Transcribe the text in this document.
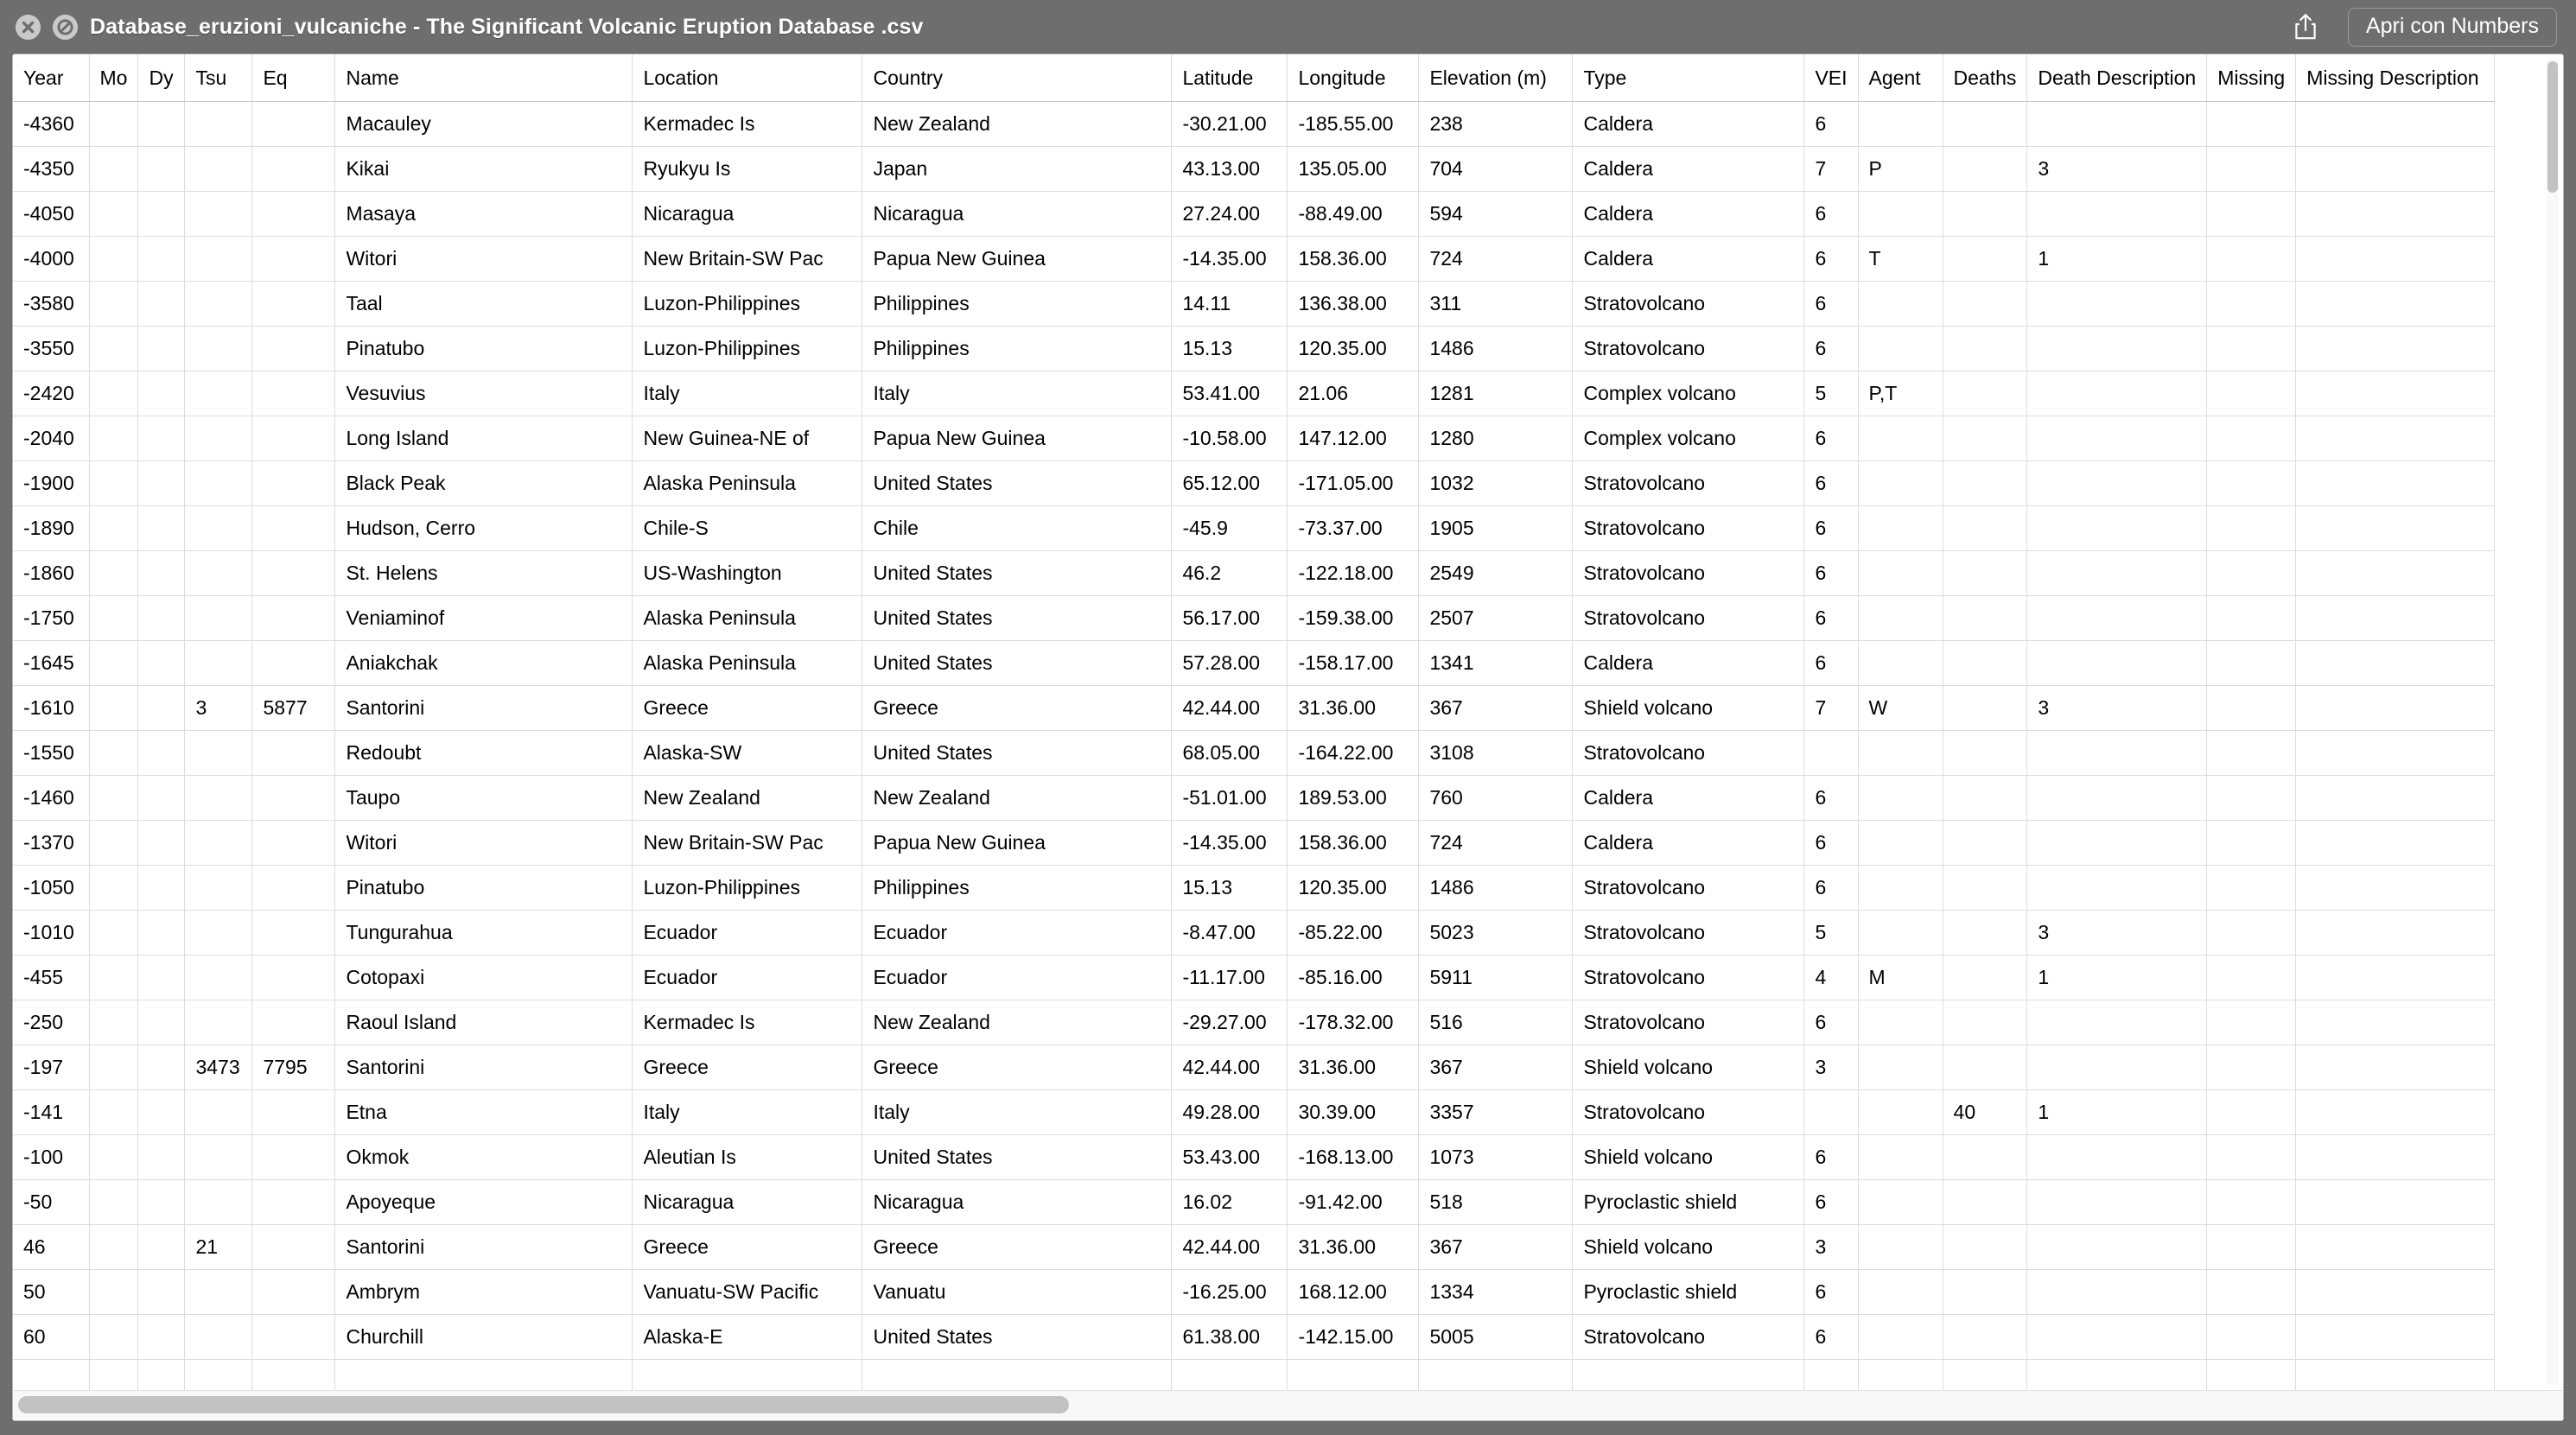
Database_eruzioni_vulcaniche - The Significant Volcanic Eruption Database .csv	Apri con Numbers
Year	Mo	Dy	Tsu	Eq	Name	Location	Country	Latitude	Longitude	Elevation (m)	Type	VEI	Agent	Deaths	Death Description	Missing	Missing Description
-4360					Macauley	Kermadec Is	New Zealand	-30.21.00	-185.55.00	238	Caldera	6					
-4350					Kikai	Ryukyu Is	Japan	43.13.00	135.05.00	704	Caldera	7	P		3		
-4050					Masaya	Nicaragua	Nicaragua	27.24.00	-88.49.00	594	Caldera	6					
-4000					Witori	New Britain-SW Pac	Papua New Guinea	-14.35.00	158.36.00	724	Caldera	6	T		1		
-3580					Taal	Luzon-Philippines	Philippines	14.11	136.38.00	311	Stratovolcano	6					
-3550					Pinatubo	Luzon-Philippines	Philippines	15.13	120.35.00	1486	Stratovolcano	6					
-2420					Vesuvius	Italy	Italy	53.41.00	21.06	1281	Complex volcano	5	P,T				
-2040					Long Island	New Guinea-NE of	Papua New Guinea	-10.58.00	147.12.00	1280	Complex volcano	6					
-1900					Black Peak	Alaska Peninsula	United States	65.12.00	-171.05.00	1032	Stratovolcano	6					
-1890					Hudson, Cerro	Chile-S	Chile	-45.9	-73.37.00	1905	Stratovolcano	6					
-1860					St. Helens	US-Washington	United States	46.2	-122.18.00	2549	Stratovolcano	6					
-1750					Veniaminof	Alaska Peninsula	United States	56.17.00	-159.38.00	2507	Stratovolcano	6					
-1645					Aniakchak	Alaska Peninsula	United States	57.28.00	-158.17.00	1341	Caldera	6					
-1610			3	5877	Santorini	Greece	Greece	42.44.00	31.36.00	367	Shield volcano	7	W		3		
-1550					Redoubt	Alaska-SW	United States	68.05.00	-164.22.00	3108	Stratovolcano						
-1460					Taupo	New Zealand	New Zealand	-51.01.00	189.53.00	760	Caldera	6					
-1370					Witori	New Britain-SW Pac	Papua New Guinea	-14.35.00	158.36.00	724	Caldera	6					
-1050					Pinatubo	Luzon-Philippines	Philippines	15.13	120.35.00	1486	Stratovolcano	6					
-1010					Tungurahua	Ecuador	Ecuador	-8.47.00	-85.22.00	5023	Stratovolcano	5			3		
-455					Cotopaxi	Ecuador	Ecuador	-11.17.00	-85.16.00	5911	Stratovolcano	4	M		1		
-250					Raoul Island	Kermadec Is	New Zealand	-29.27.00	-178.32.00	516	Stratovolcano	6					
-197			3473	7795	Santorini	Greece	Greece	42.44.00	31.36.00	367	Shield volcano	3					
-141					Etna	Italy	Italy	49.28.00	30.39.00	3357	Stratovolcano			40	1		
-100					Okmok	Aleutian Is	United States	53.43.00	-168.13.00	1073	Shield volcano	6					
-50					Apoyeque	Nicaragua	Nicaragua	16.02	-91.42.00	518	Pyroclastic shield	6					
46			21		Santorini	Greece	Greece	42.44.00	31.36.00	367	Shield volcano	3					
50					Ambrym	Vanuatu-SW Pacific	Vanuatu	-16.25.00	168.12.00	1334	Pyroclastic shield	6					
60					Churchill	Alaska-E	United States	61.38.00	-142.15.00	5005	Stratovolcano	6					
